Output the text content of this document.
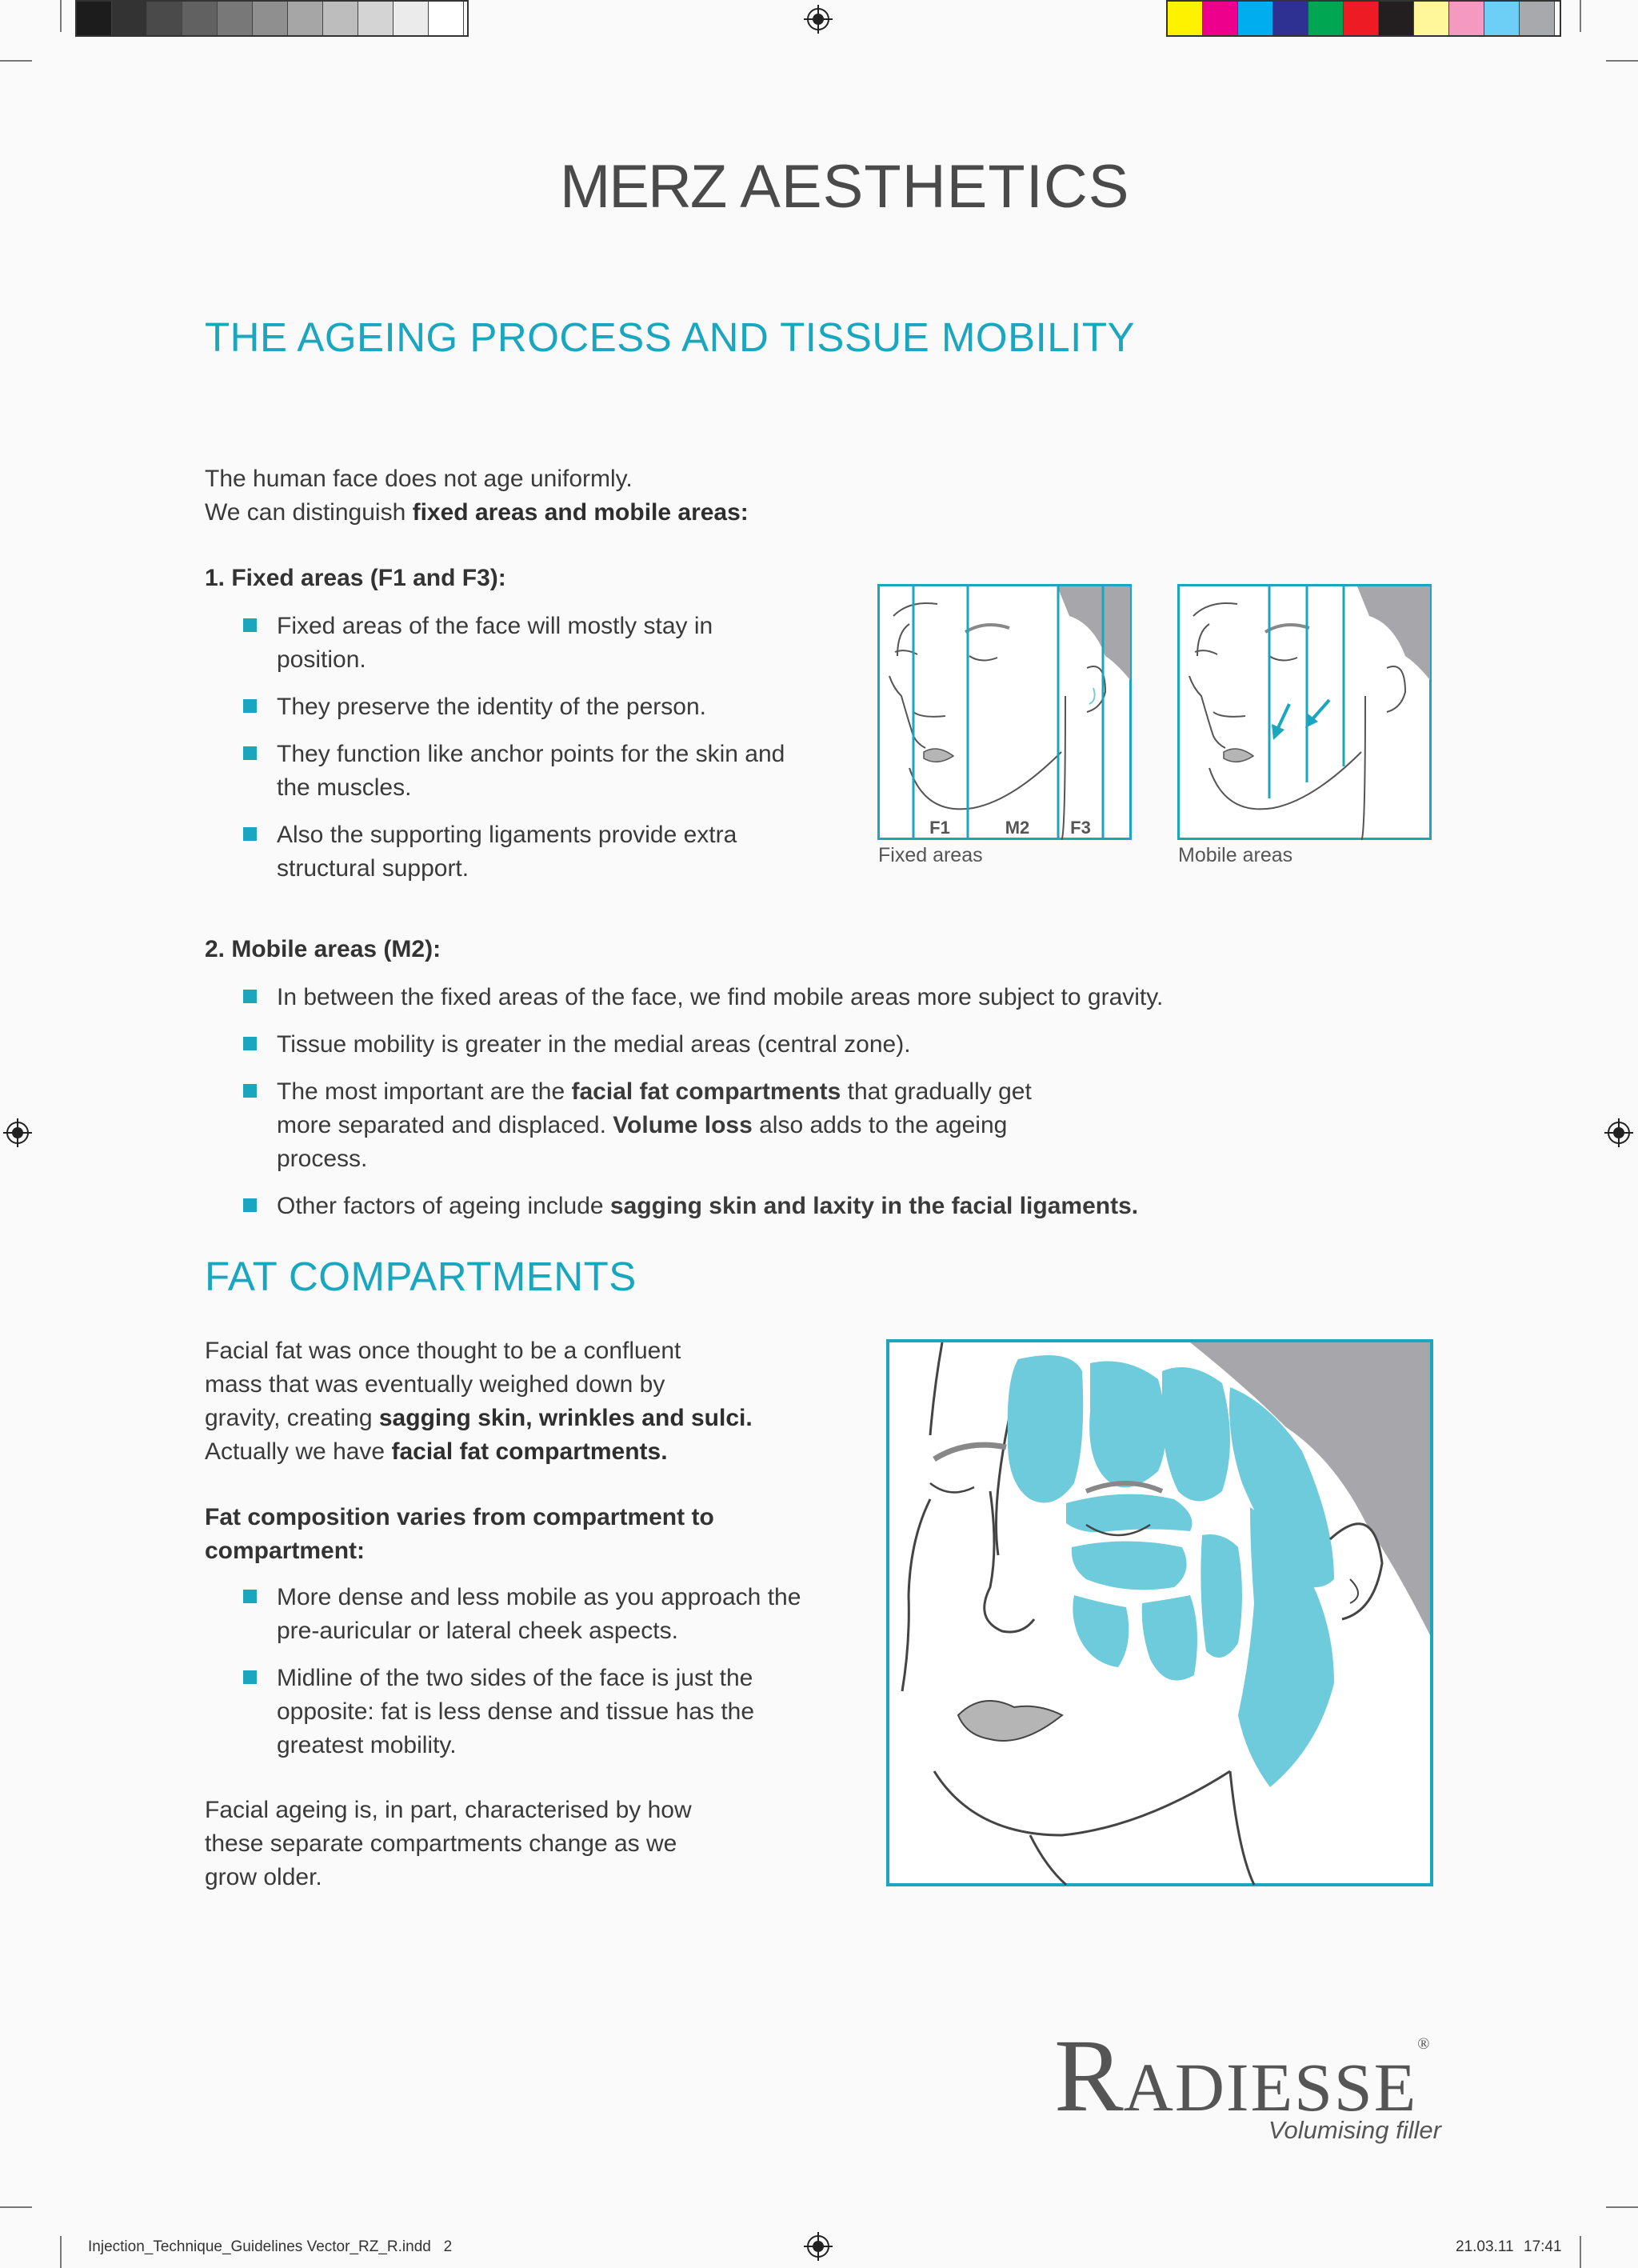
MERZ AESTHETICS
THE AGEING PROCESS AND TISSUE MOBILITY

The human face does not age uniformly.
We can distinguish fixed areas and mobile areas:

1. Fixed areas (F1 and F3):
Fixed areas of the face will mostly stay in position.
They preserve the identity of the person.
They function like anchor points for the skin and the muscles.
Also the supporting ligaments provide extra structural support.
F1	M2 F3
Fixed areas	Mobile areas
2. Mobile areas (M2):
In between the fixed areas of the face, we find mobile areas more subject to gravity.
Tissue mobility is greater in the medial areas (central zone).
The most important are the facial fat compartments that gradually get more separated and displaced. Volume loss also adds to the ageing process.
Other factors of ageing include sagging skin and laxity in the facial ligaments.
FAT COMPARTMENTS

Facial fat was once thought to be a confluent
mass that was eventually weighed down by
gravity, creating sagging skin, wrinkles and sulci.
Actually we have facial fat compartments.

Fat composition varies from compartment to
compartment:
More dense and less mobile as you approach the pre-auricular or lateral cheek aspects.
Midline of the two sides of the face is just the opposite: fat is less dense and tissue has the greatest mobility.

Facial ageing is, in part, characterised by how
these separate compartments change as we
grow older.

RADIESSE®
Volumising filler
Injection_Technique_Guidelines Vector_RZ_R.indd   2	21.03.11 17:41
